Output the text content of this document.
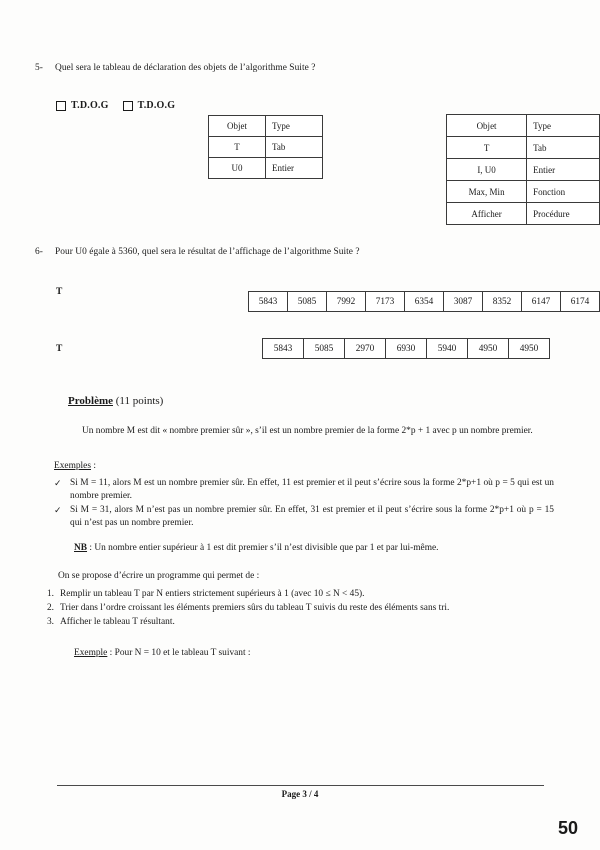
5-	Quel sera le tableau de déclaration des objets de l’algorithme Suite ?
T.D.O.G	T.D.O.G
Objet	Type
T	Tab
U0	Entier
Objet	Type
T	Tab
I, U0	Entier
Max, Min	Fonction
Afficher	Procédure
6-	Pour U0 égale à 5360, quel sera le résultat de l’affichage de l’algorithme Suite ?
T
5843	5085	7992	7173	6354	3087	8352	6147	6174
T	5843	5085	2970	6930	5940	4950	4950
Problème (11 points)
Un nombre M est dit « nombre premier sûr », s’il est un nombre premier de la forme 2*p + 1 avec p un nombre premier.
Exemples :
✓ Si M = 11, alors M est un nombre premier sûr. En effet, 11 est premier et il peut s’écrire sous la forme 2*p+1 où p = 5 qui est un nombre premier.
✓ Si M = 31, alors M n’est pas un nombre premier sûr. En effet, 31 est premier et il peut s’écrire sous la forme 2*p+1 où p = 15 qui n’est pas un nombre premier.
NB : Un nombre entier supérieur à 1 est dit premier s’il n’est divisible que par 1 et par lui-même.
On se propose d’écrire un programme qui permet de :
1. Remplir un tableau T par N entiers strictement supérieurs à 1 (avec 10 ≤ N < 45).
2. Trier dans l’ordre croissant les éléments premiers sûrs du tableau T suivis du reste des éléments sans tri.
3. Afficher le tableau T résultant.
Exemple : Pour N = 10 et le tableau T suivant :
Page 3 / 4
50
